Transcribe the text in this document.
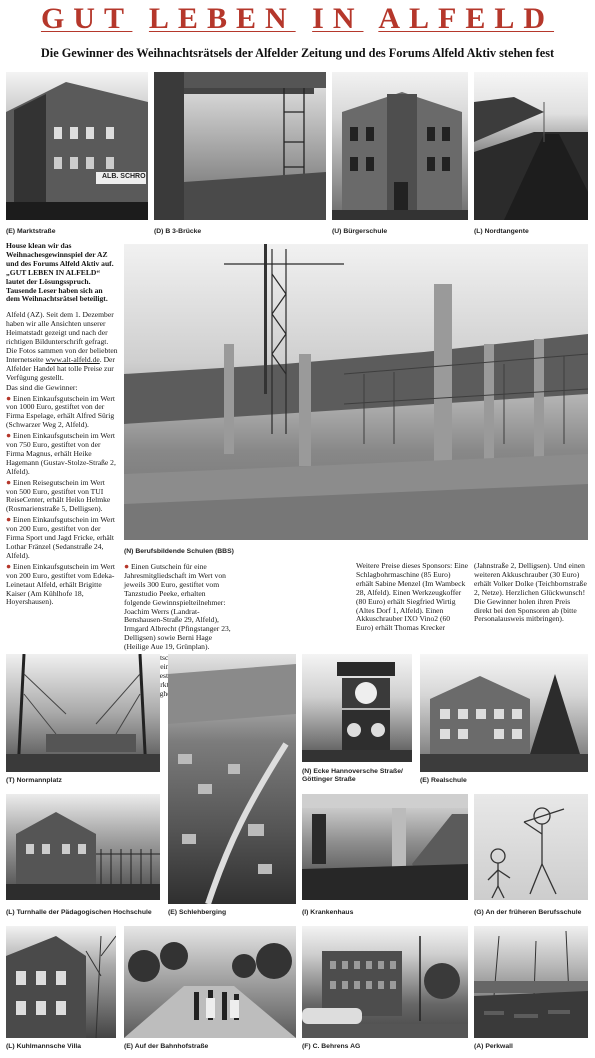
GUT LEBEN IN ALFELD
Die Gewinner des Weihnachtsrätsels der Alfelder Zeitung und des Forums Alfeld Aktiv stehen fest
ALB. SCHRO
(E) Marktstraße	(D) B 3-Brücke	(U) Bürgerschule	(L) Nordtangente

House klean wir das Weihnachesgewinnspiel der AZ und des Forums Alfeld Aktiv auf. „GUT LEBEN IN ALFELD“ lautet der Lösungsspruch. Tausende Leser haben sich an dem Weihnachtsrätsel beteiligt.

Alfeld (AZ). Seit dem 1. Dezember haben wir alle Ansichten unserer Heimatstadt gezeigt und nach der richtigen Bildunterschrift gefragt. Die Fotos sammen von der beliebten Internetseite www.alt-alfeld.de. Der Alfelder Handel hat tolle Preise zur Verfügung gestellt.

Das sind die Gewinner:

● Einen Einkaufsgutschein im Wert von 1000 Euro, gestiftet von der Firma Espelage, erhält Alfred Sürig (Schwarzer Weg 2, Alfeld).

● Einen Einkaufsgutschein im Wert von 750 Euro, gestiftet von der Firma Magnus, erhält Heike Hagemann (Gustav-Stolze-Straße 2, Alfeld).

● Einen Reisegutschein im Wert von 500 Euro, gestiftet von TUI ReiseCenter, erhält Heiko Helmke (Rosmarienstraße 5, Delligsen).

● Einen Einkaufsgutschein im Wert von 200 Euro, gestiftet von der Firma Sport und Jagd Fricke, erhält Lothar Fränzel (Sedanstraße 24, Alfeld).

● Einen Einkaufsgutschein im Wert von 200 Euro, gestiftet vom Edeka-Leinetaut Alfeld, erhält Brigitte Kaiser (Am Kühlhofe 18, Hoyershausen).

(N) Berufsbildende Schulen (BBS)

● Einen Gutschein für eine Jahresmitgliedschaft im Wert von jeweils 300 Euro, gestiftet vom Tanzstudio Peeke, erhalten folgende Gewinnspielteilnehmer: Joachim Werrs (Landrat-Benshausen-Straße 29, Alfeld), Irmgard Albrecht (Pfingstanger 23, Delligsen) sowie Berni Hage (Heilige Aue 19, Grünplan).

Gutschein Langheim

Weitere Preise dieses Sponsors: Eine Schlagbohrmaschine (85 Euro) erhält Sabine Menzel (Im Wambeck 28, Alfeld). Einen Werkzeugkoffer (80 Euro) erhält Siegfried Wirtig (Altes Dorf 1, Alfeld). Einen Akkuschrauber IXO Vino2 (60 Euro) erhält Thomas Krecker
(Jahnstraße 2, Delligsen). Und einen weiteren Akkuschrauber (30 Euro) erhält Volker Dolke (Teichbornstraße 2, Netze). Herzlichen Glückwunsch! Die Gewinner holen ihren Preis direkt bei den Sponsoren ab (bitte Personalausweis mitbringen).
(T) Normannplatz
(E) Schlehberging
(N) Ecke Hannoversche Straße/ Göttinger Straße	(E) Realschule
(L) Turnhalle der Pädagogischen Hochschule	(I) Krankenhaus	(G) An der früheren Berufsschule
(L) Kuhlmannsche Villa	(E) Auf der Bahnhofstraße	(F) C. Behrens AG	(A) Perkwall
